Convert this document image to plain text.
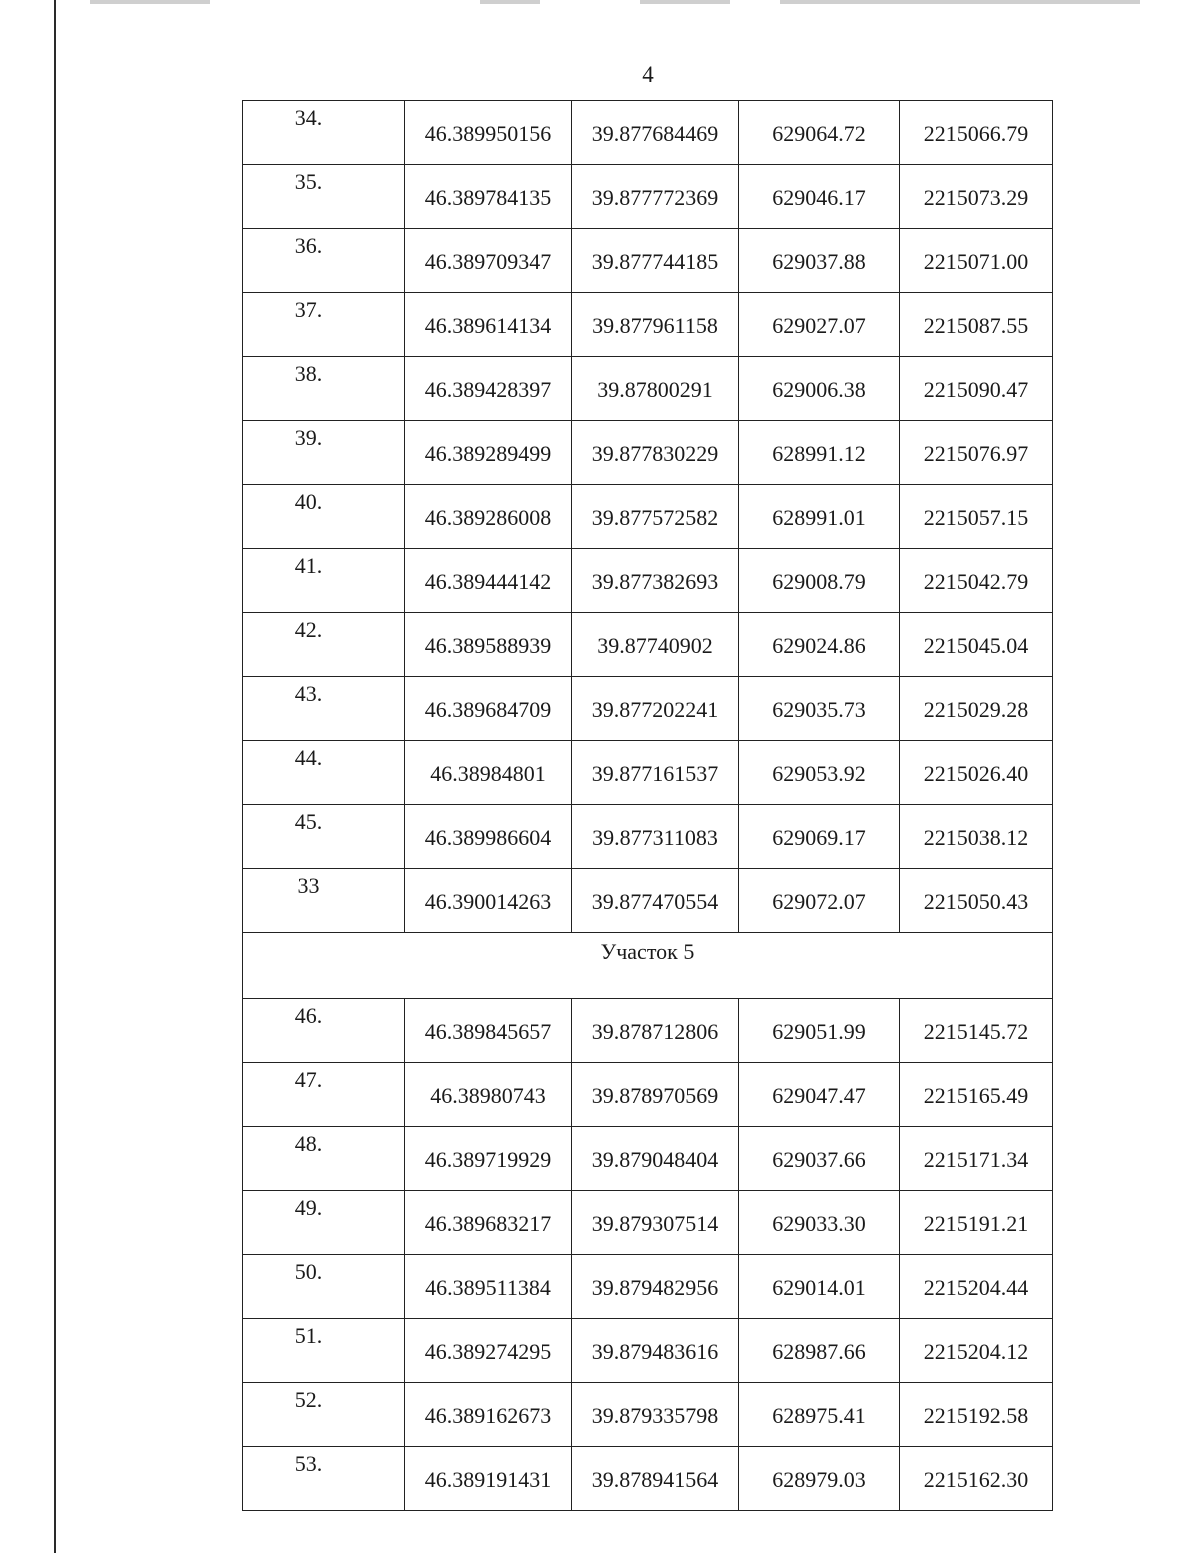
4
34.	46.389950156	39.877684469	629064.72	2215066.79
35.	46.389784135	39.877772369	629046.17	2215073.29
36.	46.389709347	39.877744185	629037.88	2215071.00
37.	46.389614134	39.877961158	629027.07	2215087.55
38.	46.389428397	39.87800291	629006.38	2215090.47
39.	46.389289499	39.877830229	628991.12	2215076.97
40.	46.389286008	39.877572582	628991.01	2215057.15
41.	46.389444142	39.877382693	629008.79	2215042.79
42.	46.389588939	39.87740902	629024.86	2215045.04
43.	46.389684709	39.877202241	629035.73	2215029.28
44.	46.38984801	39.877161537	629053.92	2215026.40
45.	46.389986604	39.877311083	629069.17	2215038.12
33	46.390014263	39.877470554	629072.07	2215050.43
Участок 5				
46.	46.389845657	39.878712806	629051.99	2215145.72
47.	46.38980743	39.878970569	629047.47	2215165.49
48.	46.389719929	39.879048404	629037.66	2215171.34
49.	46.389683217	39.879307514	629033.30	2215191.21
50.	46.389511384	39.879482956	629014.01	2215204.44
51.	46.389274295	39.879483616	628987.66	2215204.12
52.	46.389162673	39.879335798	628975.41	2215192.58
53.	46.389191431	39.878941564	628979.03	2215162.30
